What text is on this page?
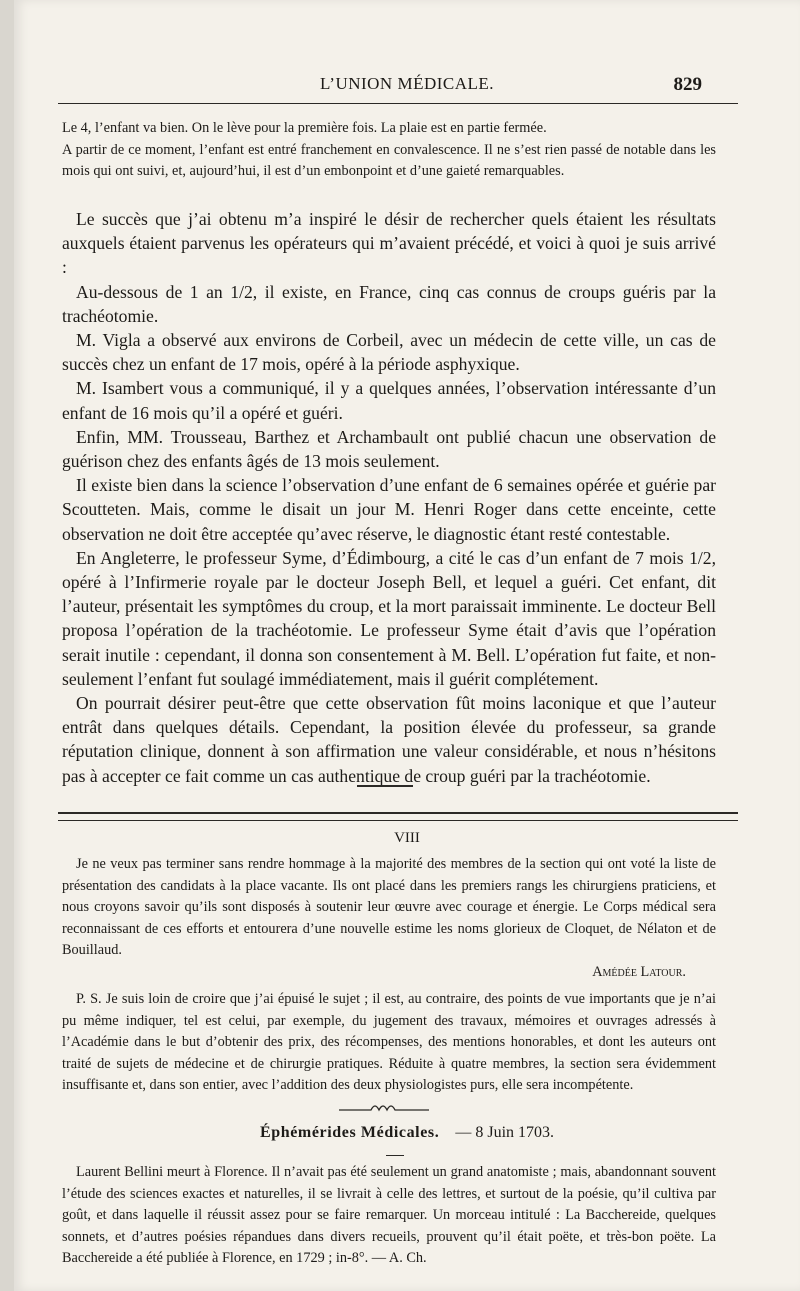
L’UNION MÉDICALE.	829

Le 4, l’enfant va bien. On le lève pour la première fois. La plaie est en partie fermée.

A partir de ce moment, l’enfant est entré franchement en convalescence. Il ne s’est rien passé de notable dans les mois qui ont suivi, et, aujourd’hui, il est d’un embonpoint et d’une gaieté remarquables.

Le succès que j’ai obtenu m’a inspiré le désir de rechercher quels étaient les résultats auxquels étaient parvenus les opérateurs qui m’avaient précédé, et voici à quoi je suis arrivé :

Au-dessous de 1 an 1/2, il existe, en France, cinq cas connus de croups guéris par la trachéotomie.

M. Vigla a observé aux environs de Corbeil, avec un médecin de cette ville, un cas de succès chez un enfant de 17 mois, opéré à la période asphyxique.

M. Isambert vous a communiqué, il y a quelques années, l’observation intéressante d’un enfant de 16 mois qu’il a opéré et guéri.

Enfin, MM. Trousseau, Barthez et Archambault ont publié chacun une observation de guérison chez des enfants âgés de 13 mois seulement.

Il existe bien dans la science l’observation d’une enfant de 6 semaines opérée et guérie par Scoutteten. Mais, comme le disait un jour M. Henri Roger dans cette enceinte, cette observation ne doit être acceptée qu’avec réserve, le diagnostic étant resté contestable.

En Angleterre, le professeur Syme, d’Édimbourg, a cité le cas d’un enfant de 7 mois 1/2, opéré à l’Infirmerie royale par le docteur Joseph Bell, et lequel a guéri. Cet enfant, dit l’auteur, présentait les symptômes du croup, et la mort paraissait imminente. Le docteur Bell proposa l’opération de la trachéotomie. Le professeur Syme était d’avis que l’opération serait inutile : cependant, il donna son consentement à M. Bell. L’opération fut faite, et non-seulement l’enfant fut soulagé immédiatement, mais il guérit complétement.

On pourrait désirer peut-être que cette observation fût moins laconique et que l’auteur entrât dans quelques détails. Cependant, la position élevée du professeur, sa grande réputation clinique, donnent à son affirmation une valeur considérable, et nous n’hésitons pas à accepter ce fait comme un cas authentique de croup guéri par la trachéotomie.

VIII

Je ne veux pas terminer sans rendre hommage à la majorité des membres de la section qui ont voté la liste de présentation des candidats à la place vacante. Ils ont placé dans les premiers rangs les chirurgiens praticiens, et nous croyons savoir qu’ils sont disposés à soutenir leur œuvre avec courage et énergie. Le Corps médical sera reconnaissant de ces efforts et entourera d’une nouvelle estime les noms glorieux de Cloquet, de Nélaton et de Bouillaud.

Amédée Latour.

P. S. Je suis loin de croire que j’ai épuisé le sujet ; il est, au contraire, des points de vue importants que je n’ai pu même indiquer, tel est celui, par exemple, du jugement des travaux, mémoires et ouvrages adressés à l’Académie dans le but d’obtenir des prix, des récompenses, des mentions honorables, et dont les auteurs ont traité de sujets de médecine et de chirurgie pratiques. Réduite à quatre membres, la section sera évidemment insuffisante et, dans son entier, avec l’addition des deux physiologistes purs, elle sera incompétente.

Éphémérides Médicales. — 8 Juin 1703.

Laurent Bellini meurt à Florence. Il n’avait pas été seulement un grand anatomiste ; mais, abandonnant souvent l’étude des sciences exactes et naturelles, il se livrait à celle des lettres, et surtout de la poésie, qu’il cultiva par goût, et dans laquelle il réussit assez pour se faire remarquer. Un morceau intitulé : La Bacchereide, quelques sonnets, et d’autres poésies répandues dans divers recueils, prouvent qu’il était poëte, et très-bon poëte. La Bacchereide a été publiée à Florence, en 1729 ; in-8°. — A. Ch.
